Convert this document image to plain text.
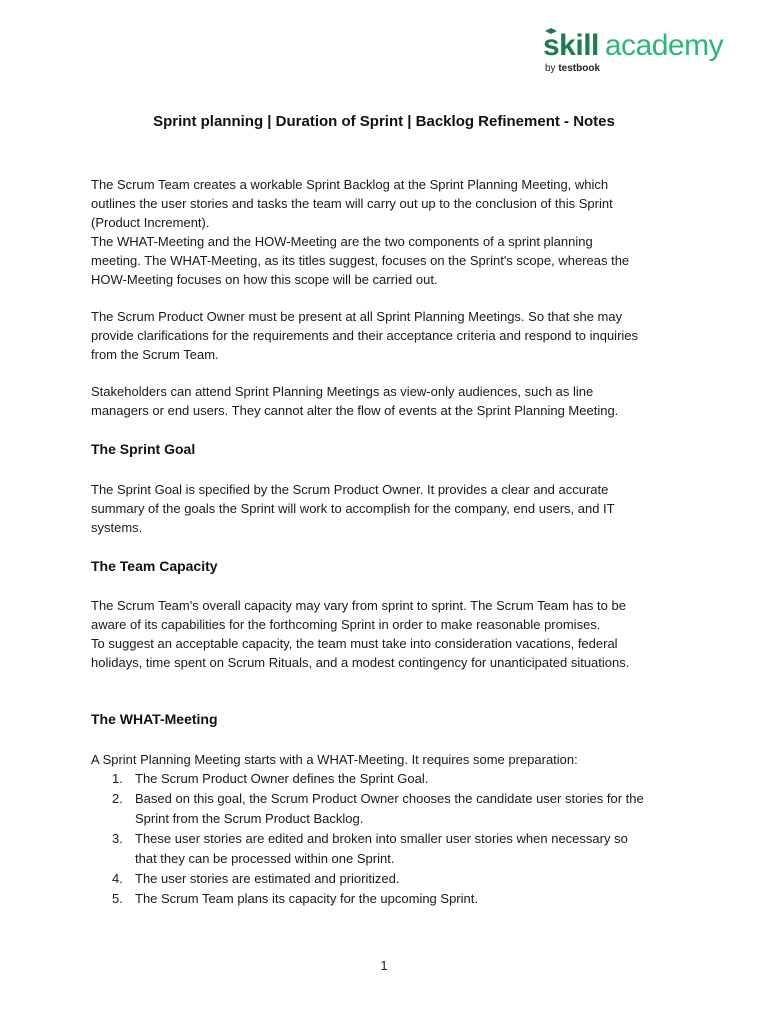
skill academy
by testbook
Sprint planning | Duration of Sprint | Backlog Refinement - Notes

The Scrum Team creates a workable Sprint Backlog at the Sprint Planning Meeting, which
outlines the user stories and tasks the team will carry out up to the conclusion of this Sprint
(Product Increment).
The WHAT-Meeting and the HOW-Meeting are the two components of a sprint planning
meeting. The WHAT-Meeting, as its titles suggest, focuses on the Sprint's scope, whereas the
HOW-Meeting focuses on how this scope will be carried out.

The Scrum Product Owner must be present at all Sprint Planning Meetings. So that she may
provide clarifications for the requirements and their acceptance criteria and respond to inquiries
from the Scrum Team.

Stakeholders can attend Sprint Planning Meetings as view-only audiences, such as line
managers or end users. They cannot alter the flow of events at the Sprint Planning Meeting.

The Sprint Goal

The Sprint Goal is specified by the Scrum Product Owner. It provides a clear and accurate
summary of the goals the Sprint will work to accomplish for the company, end users, and IT
systems.

The Team Capacity

The Scrum Team's overall capacity may vary from sprint to sprint. The Scrum Team has to be
aware of its capabilities for the forthcoming Sprint in order to make reasonable promises.
To suggest an acceptable capacity, the team must take into consideration vacations, federal
holidays, time spent on Scrum Rituals, and a modest contingency for unanticipated situations.

The WHAT-Meeting

A Sprint Planning Meeting starts with a WHAT-Meeting. It requires some preparation:

1. The Scrum Product Owner defines the Sprint Goal.
2. Based on this goal, the Scrum Product Owner chooses the candidate user stories for the
Sprint from the Scrum Product Backlog.
3. These user stories are edited and broken into smaller user stories when necessary so
that they can be processed within one Sprint.
4. The user stories are estimated and prioritized.
5. The Scrum Team plans its capacity for the upcoming Sprint.

1
